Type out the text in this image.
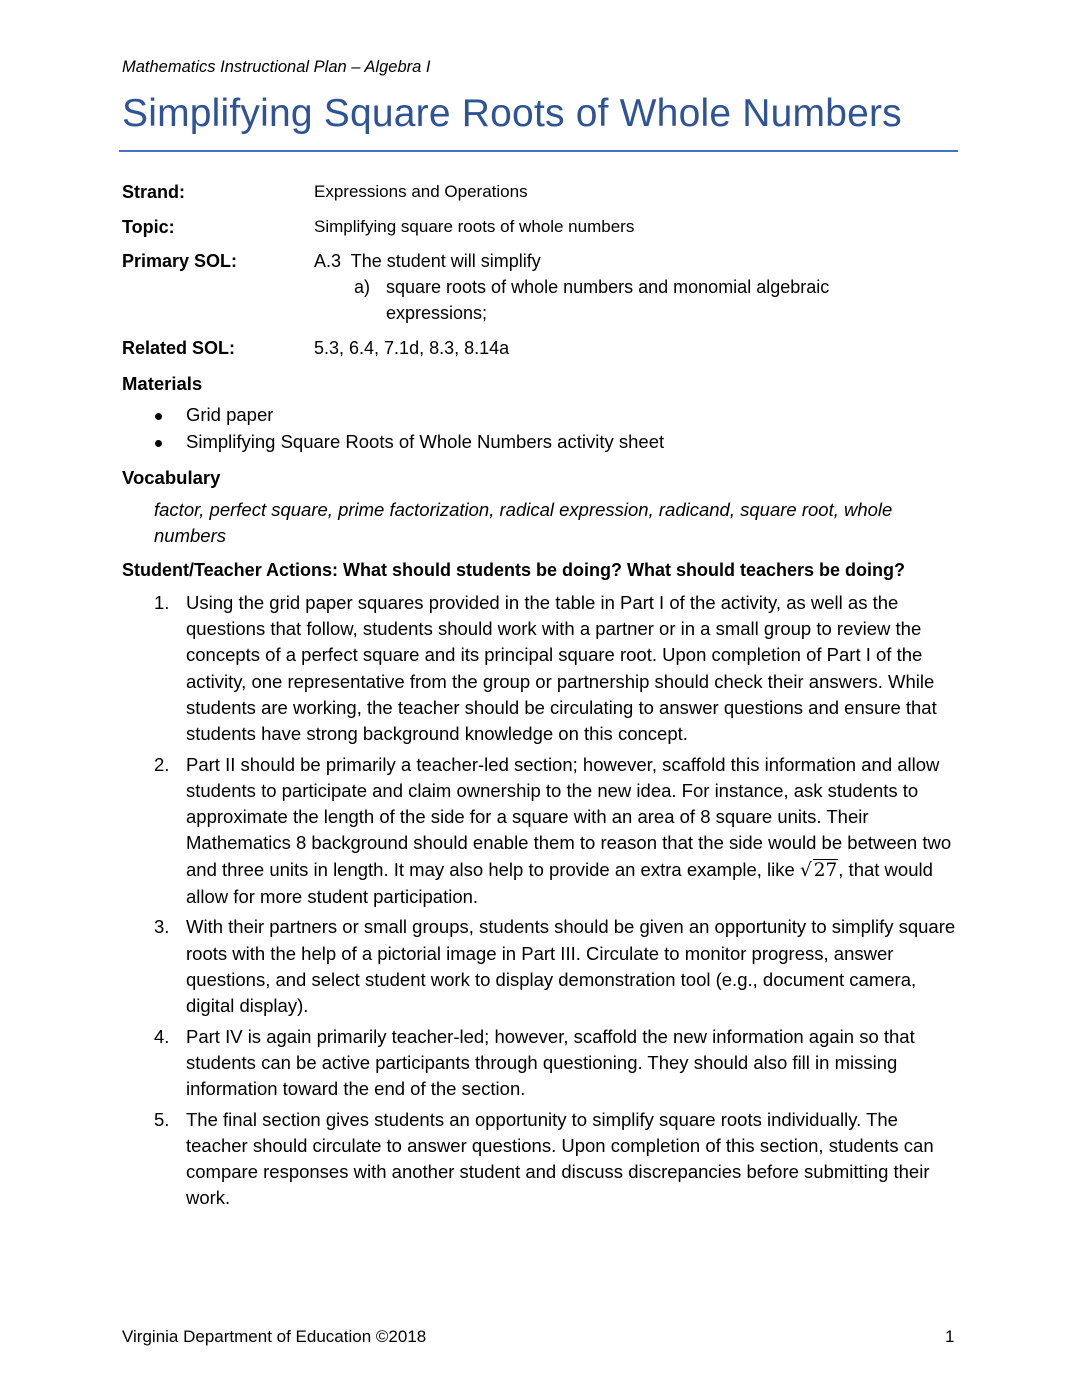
Mathematics Instructional Plan – Algebra I
Simplifying Square Roots of Whole Numbers
Strand:	Expressions and Operations
Topic:	Simplifying square roots of whole numbers
Primary SOL:	A.3  The student will simplify
a) square roots of whole numbers and monomial algebraic
expressions;
Related SOL:	5.3, 6.4, 7.1d, 8.3, 8.14a
Materials
Grid paper
Simplifying Square Roots of Whole Numbers activity sheet
Vocabulary
factor, perfect square, prime factorization, radical expression, radicand, square root, whole numbers
Student/Teacher Actions: What should students be doing? What should teachers be doing?
1. Using the grid paper squares provided in the table in Part I of the activity, as well as the questions that follow, students should work with a partner or in a small group to review the concepts of a perfect square and its principal square root. Upon completion of Part I of the activity, one representative from the group or partnership should check their answers. While students are working, the teacher should be circulating to answer questions and ensure that students have strong background knowledge on this concept.
2. Part II should be primarily a teacher-led section; however, scaffold this information and allow students to participate and claim ownership to the new idea. For instance, ask students to approximate the length of the side for a square with an area of 8 square units. Their Mathematics 8 background should enable them to reason that the side would be between two and three units in length. It may also help to provide an extra example, like √ 27, that would allow for more student participation.
3. With their partners or small groups, students should be given an opportunity to simplify square roots with the help of a pictorial image in Part III. Circulate to monitor progress, answer questions, and select student work to display demonstration tool (e.g., document camera, digital display).
4. Part IV is again primarily teacher-led; however, scaffold the new information again so that students can be active participants through questioning. They should also fill in missing information toward the end of the section.
5. The final section gives students an opportunity to simplify square roots individually. The teacher should circulate to answer questions. Upon completion of this section, students can compare responses with another student and discuss discrepancies before submitting their work.
Virginia Department of Education ©2018	1
